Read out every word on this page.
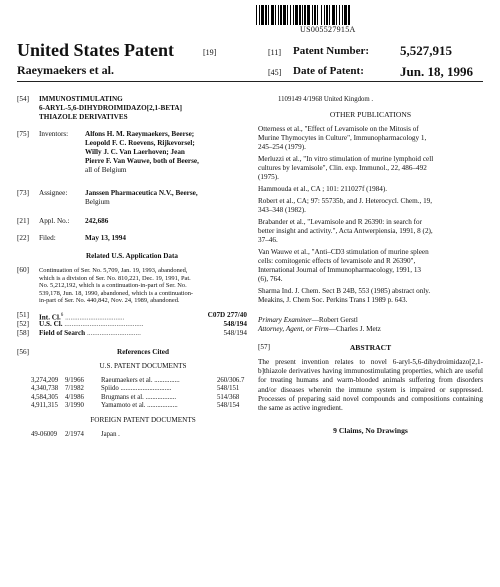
US005527915A
United States Patent	[19]
Raeymaekers et al.
[11] Patent Number: 5,527,915
[45] Date of Patent:	Jun. 18, 1996
[54]	IMMUNOSTIMULATING
6-ARYL-5,6-DIHYDROIMIDAZO[2,1-BETA]
THIAZOLE DERIVATIVES
[75]	Inventors: Alfons H. M. Raeymaekers, Beerse;
Leopold F. C. Roevens, Rijkevorsel;
Willy J. C. Van Laerhoven; Jean
Pierre F. Van Wauwe, both of Beerse,
all of Belgium
[73]	Assignee: Janssen Pharmaceutica N.V., Beerse,
Belgium
[21]	Appl. No.: 242,686
[22]	Filed:	May 13, 1994
Related U.S. Application Data
[60]	Continuation of Ser. No. 5,709, Jan. 19, 1993, abandoned,
which is a division of Ser. No. 810,221, Dec. 19, 1991, Pat.
No. 5,212,192, which is a continuation-in-part of Ser. No.
539,178, Jun. 18, 1990, abandoned, which is a continuation-
in-part of Ser. No. 440,842, Nov. 24, 1989, abandoned.
[51]	Int. Cl.$^6$ .................................	C07D 277/40
[52]	U.S. Cl. ............................................	548/194
[58]	Field of Search ..............................	548/194
[56]	References Cited
U.S. PATENT DOCUMENTS
3,274,209	9/1966	Raeumaekers et al. ...............	260/306.7
4,340,738	7/1982	Spiido ..............................	548/151
4,584,305	4/1986	Brugmans et al. ..................	514/368
4,911,315	3/1990	Yamamoto et al. ..................	548/154
FOREIGN PATENT DOCUMENTS
49-06009	2/1974	Japan .
1109149 4/1968 United Kingdom .
OTHER PUBLICATIONS
Otterness et al., "Effect of Levamisole on the Mitosis of
Murine Thymocytes in Culture", Immunopharmacology 1,
245–254 (1979).
Merluzzi et al., "In vitro stimulation of murine lymphoid cell
cultures by levamisole", Clin. exp. Immunol., 22, 486–492
(1975).
Hammouda et al., CA ; 101: 211027f (1984).
Robert et al., CA; 97: 55735b, and J. Heterocycl. Chem., 19,
343–348 (1982).
Brabander et al., "Levamisole and R 26390: in search for
better insight and activity.", Acta Antwerpiensia, 1991, 8 (2),
37–46.
Van Wauwe et al., "Anti–CD3 stimulation of murine spleen
cells: comitogenic effects of levamisole and R 26390",
International Journal of Immunopharmacology, 1991, 13
(6), 764.
Sharma Ind. J. Chem. Sect B 24B, 553 (1985) abstract only.
Meakins, J. Chem Soc. Perkins Trans I 1989 p. 643.
Primary Examiner—Robert Gerstl
Attorney, Agent, or Firm—Charles J. Metz
[57]	ABSTRACT
The present invention relates to novel 6-aryl-5,6-dihydroimidazo[2,1-b]thiazole derivatives having immunostimulating properties, which are useful for treating humans and warm-blooded animals suffering from disorders and/or diseases wherein the immune system is impaired or suppressed. Processes of preparing said novel compounds and compositions containing the same as active ingredient.
9 Claims, No Drawings
